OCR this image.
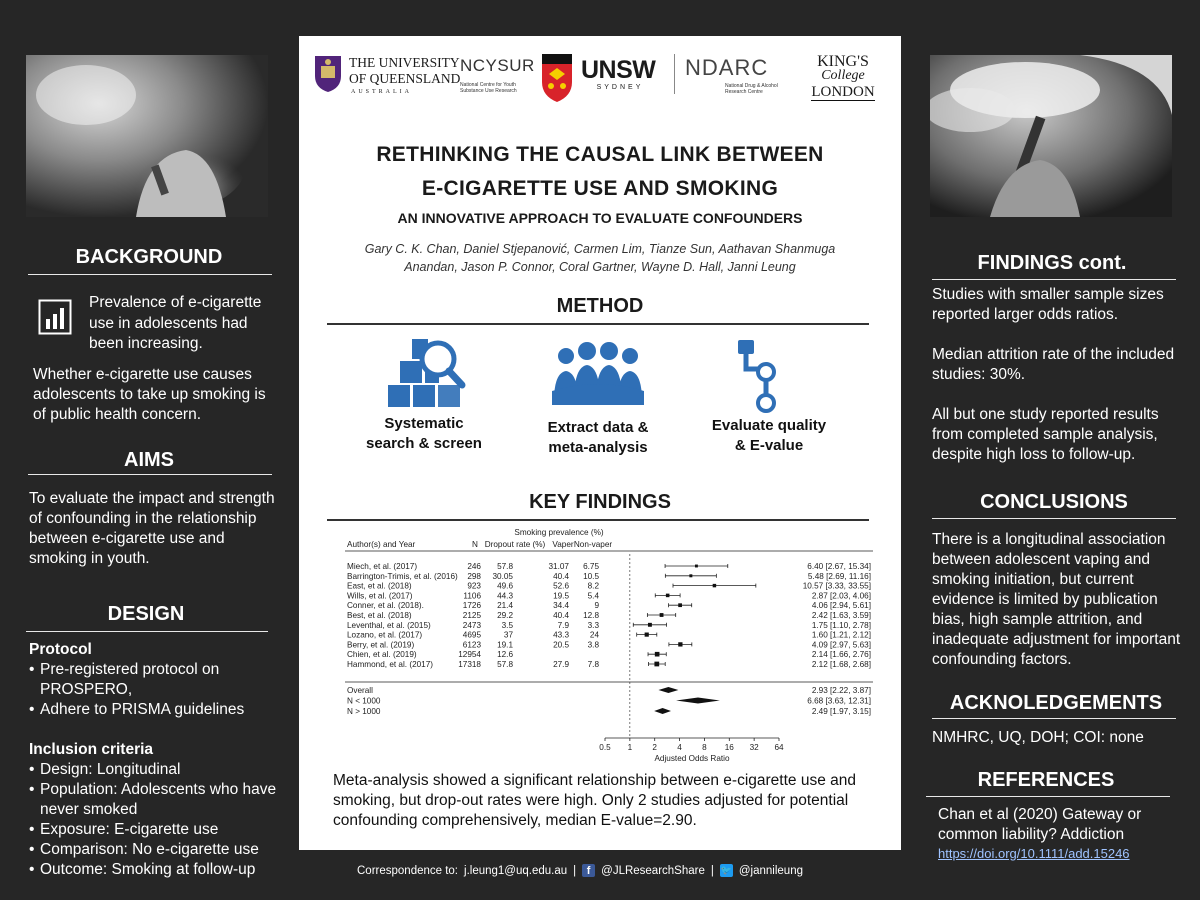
BACKGROUND
Prevalence of e-cigarette use in adolescents had been increasing.
Whether e-cigarette use causes adolescents to take up smoking is of public health concern.
AIMS
To evaluate the impact and strength of confounding in the relationship between e-cigarette use and smoking in youth.
DESIGN
Protocol
• Pre-registered protocol on PROSPERO,
• Adhere to PRISMA guidelines
Inclusion criteria
• Design: Longitudinal
• Population: Adolescents who have never smoked
• Exposure: E-cigarette use
• Comparison: No e-cigarette use
• Outcome: Smoking at follow-up
THE UNIVERSITY
OF QUEENSLAND
AUSTRALIA
NCYSUR
National Centre for Youth Substance Use Research
UNSW
SYDNEY
NDARC
National Drug & Alcohol Research Centre
KING'S
College
LONDON
RETHINKING THE CAUSAL LINK BETWEEN
E-CIGARETTE USE AND SMOKING
AN INNOVATIVE APPROACH TO EVALUATE CONFOUNDERS
Gary C. K. Chan, Daniel Stjepanović, Carmen Lim, Tianze Sun, Aathavan Shanmuga
Anandan, Jason P. Connor, Coral Gartner, Wayne D. Hall, Janni Leung
METHOD
Systematic
search & screen
Extract data &
meta-analysis
Evaluate quality
& E-value
KEY FINDINGS
Smoking prevalence (%)
Author(s) and Year	N Dropout rate (%) Vaper Non-vaper
Miech, et al. (2017)	246 57.8	31.07 6.75	6.40 [2.67, 15.34]
Barrington-Trimis, et al. (2016) 298 30.05	40.4 10.5	5.48 [2.69, 11.16]
East, et al. (2018)	923 49.6	52.6 8.2	10.57 [3.33, 33.55]
Wills, et al. (2017)	1106 44.3	19.5 5.4	2.87 [2.03, 4.06]
Conner, et al. (2018).	1726 21.4	34.4	9	4.06 [2.94, 5.61]
Best, et al. (2018)	2125 29.2	40.4 12.8	2.42 [1.63, 3.59]
Leventhal, et al. (2015)	2473	3.5	7.9 3.3	1.75 [1.10, 2.78]
Lozano, et al. (2017)	4695	37	43.3	24	1.60 [1.21, 2.12]
Berry, et al. (2019)	6123 19.1	20.5 3.8	4.09 [2.97, 5.63]
Chien, et al. (2019)	12954 12.6	2.14 [1.66, 2.76]
Hammond, et al. (2017)	17318 57.8	27.9 7.8	2.12 [1.68, 2.68]
Overall	2.93 [2.22, 3.87]
N < 1000	6.68 [3.63, 12.31]
N > 1000	2.49 [1.97, 3.15]
0.5 1 2 4 8 16 32 64
Adjusted Odds Ratio
Meta-analysis showed a significant relationship between e-cigarette use and smoking, but drop-out rates were high. Only 2 studies adjusted for potential confounding comprehensively, median E-value=2.90.
Correspondence to: j.leung1@uq.edu.au | f @JLResearchShare | 🐦 @jannileung
FINDINGS cont.
Studies with smaller sample sizes reported larger odds ratios.
Median attrition rate of the included studies: 30%.
All but one study reported results from completed sample analysis, despite high loss to follow-up.
CONCLUSIONS
There is a longitudinal association between adolescent vaping and smoking initiation, but current evidence is limited by publication bias, high sample attrition, and inadequate adjustment for important confounding factors.
ACKNOLEDGEMENTS
NMHRC, UQ, DOH; COI: none
REFERENCES
Chan et al (2020) Gateway or common liability? Addiction
https://doi.org/10.1111/add.15246
